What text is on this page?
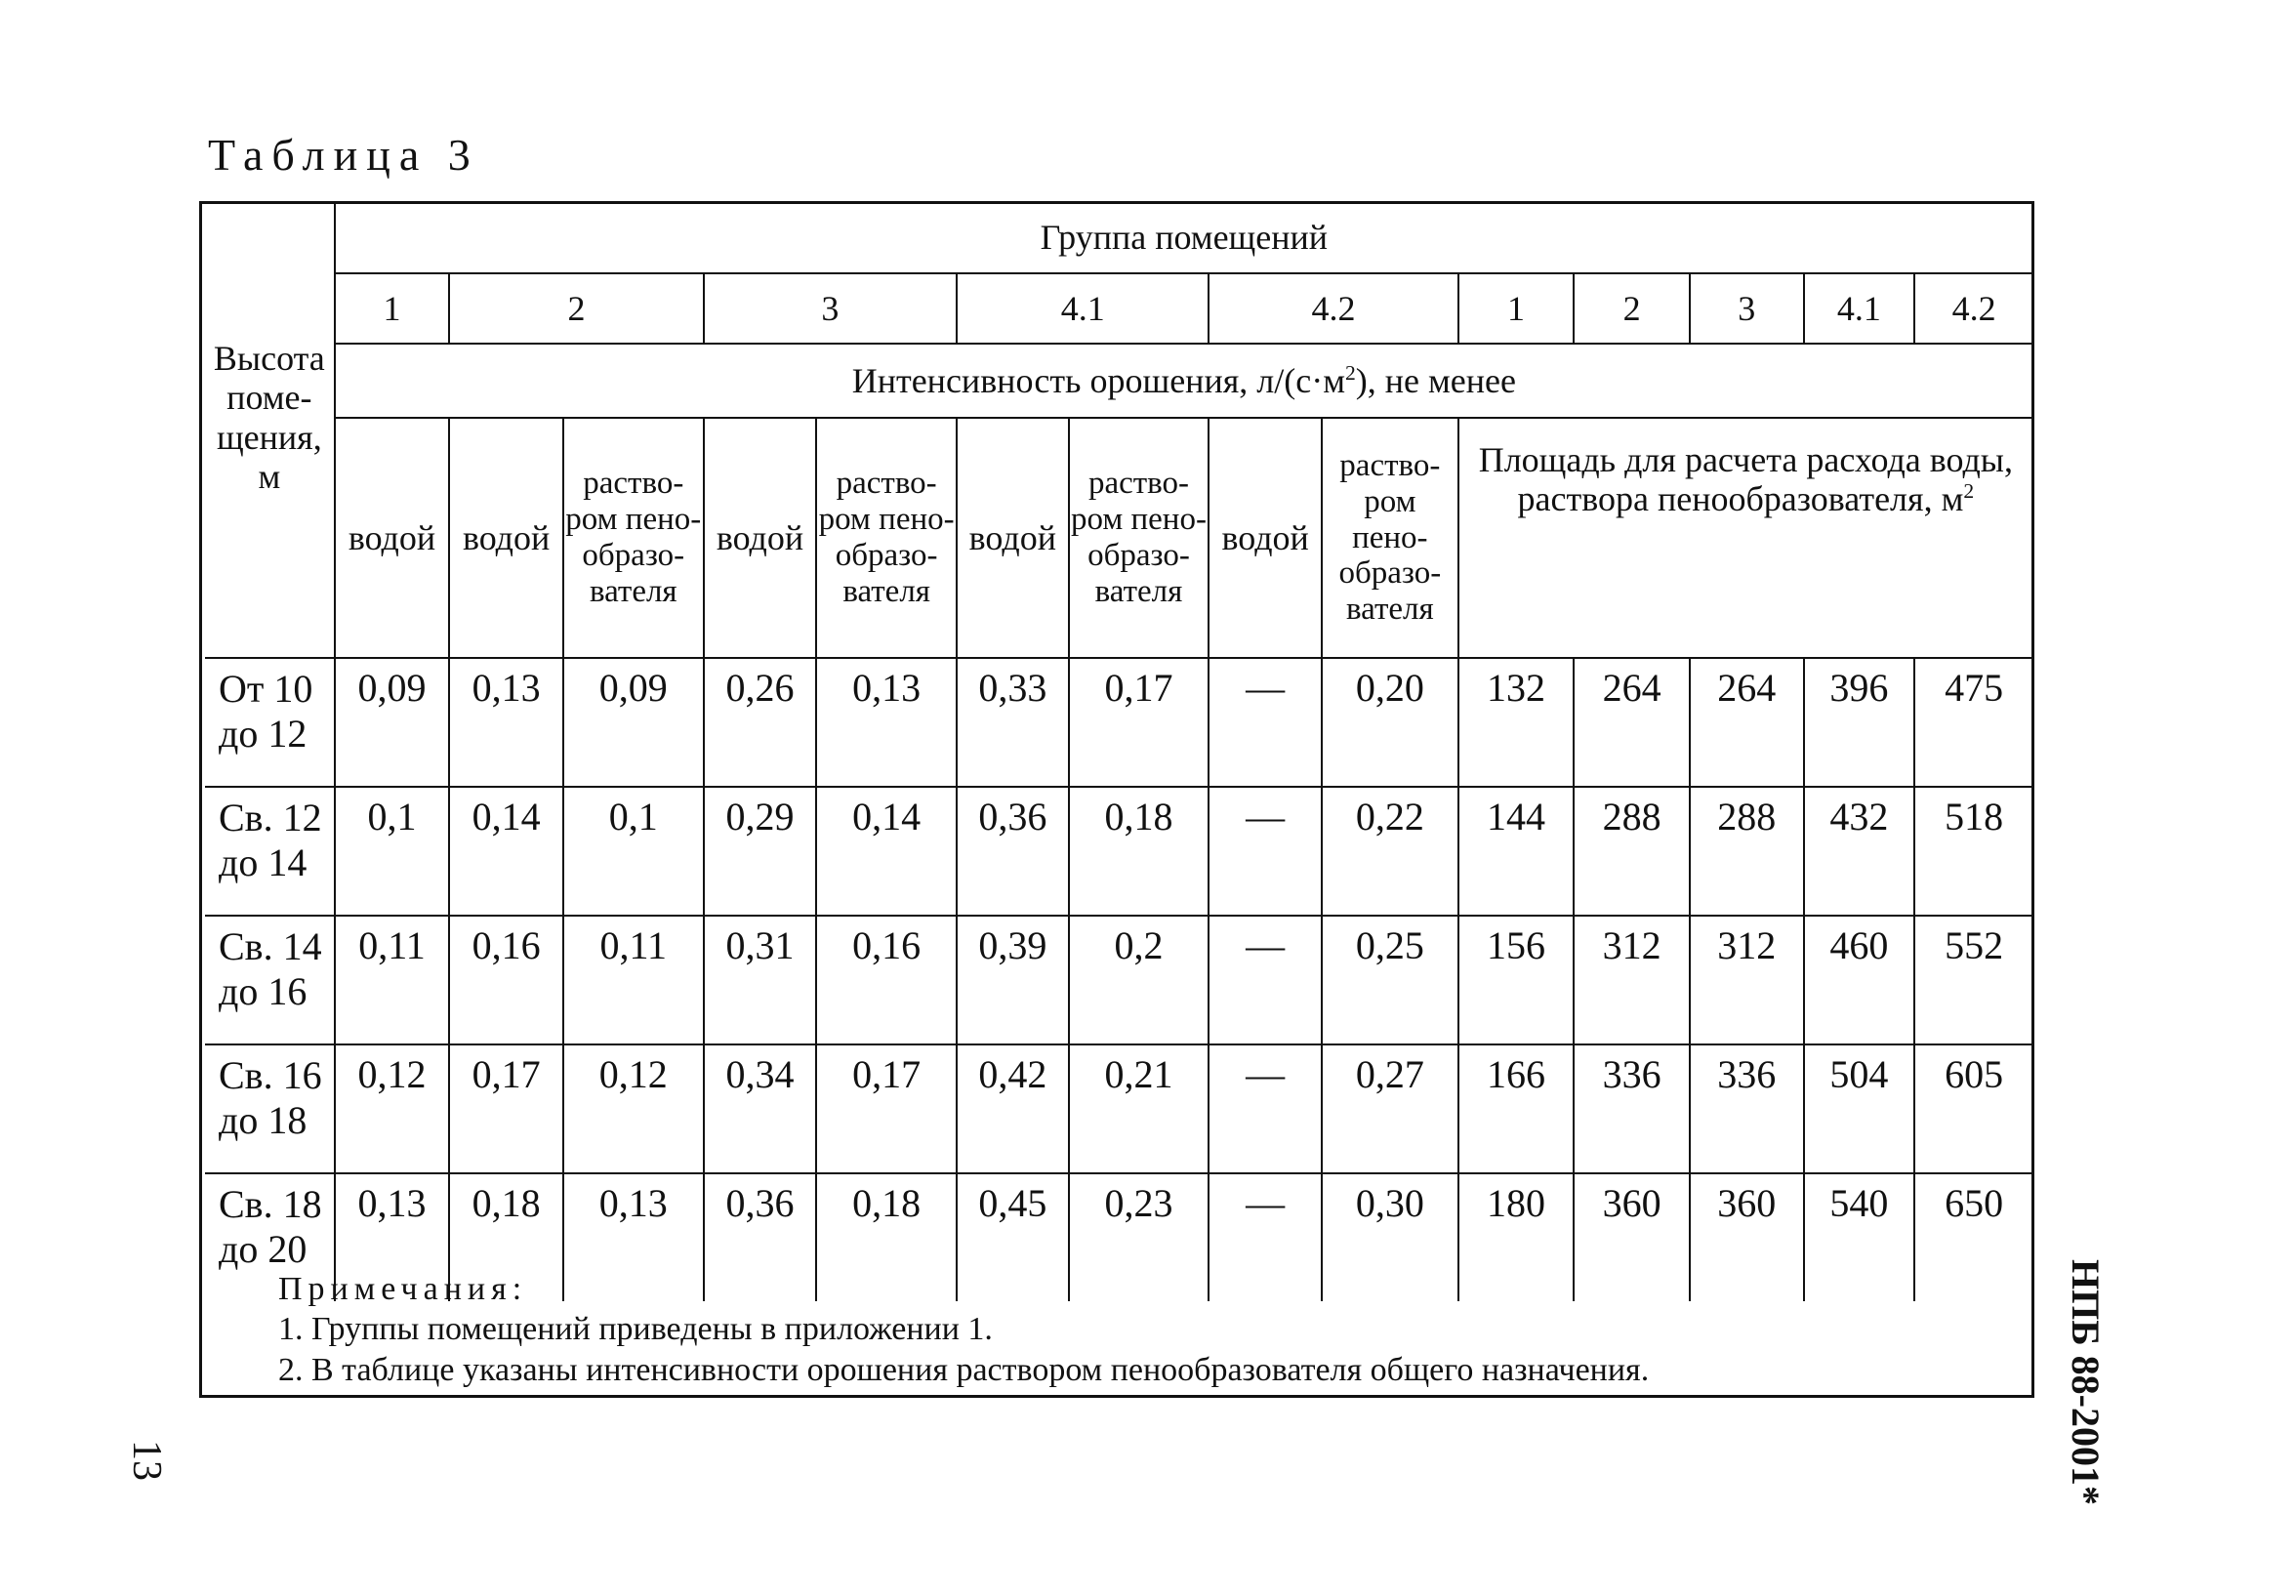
Таблица 3
Высота поме-щения, м	Группа помещений													
	1	2		3		4.1		4.2		1	2	3	4.1	4.2
	Интенсивность орошения, $л/(с\cdot м^2)$, не менее													
	водой	водой	раство-ром пено-образо-вателя	водой	раство-ром пено-образо-вателя	водой	раство-ром пено-образо-вателя	водой	раство-ром пено-образо-вателя	Площадь для расчета расхода воды, раствора пенообразователя, $м^2$
От 10
до 12	0,09	0,13	0,09	0,26	0,13	0,33	0,17	—	0,20	132	264	264	396	475
Св. 12
до 14	0,1	0,14	0,1	0,29	0,14	0,36	0,18	—	0,22	144	288	288	432	518
Св. 14
до 16	0,11	0,16	0,11	0,31	0,16	0,39	0,2	—	0,25	156	312	312	460	552
Св. 16
до 18	0,12	0,17	0,12	0,34	0,17	0,42	0,21	—	0,27	166	336	336	504	605
Св. 18
до 20	0,13	0,18	0,13	0,36	0,18	0,45	0,23	—	0,30	180	360	360	540	650
Примечания:
1. Группы помещений приведены в приложении 1.
2. В таблице указаны интенсивности орошения раствором пенообразователя общего назначения.	НПБ 88-2001*
13
